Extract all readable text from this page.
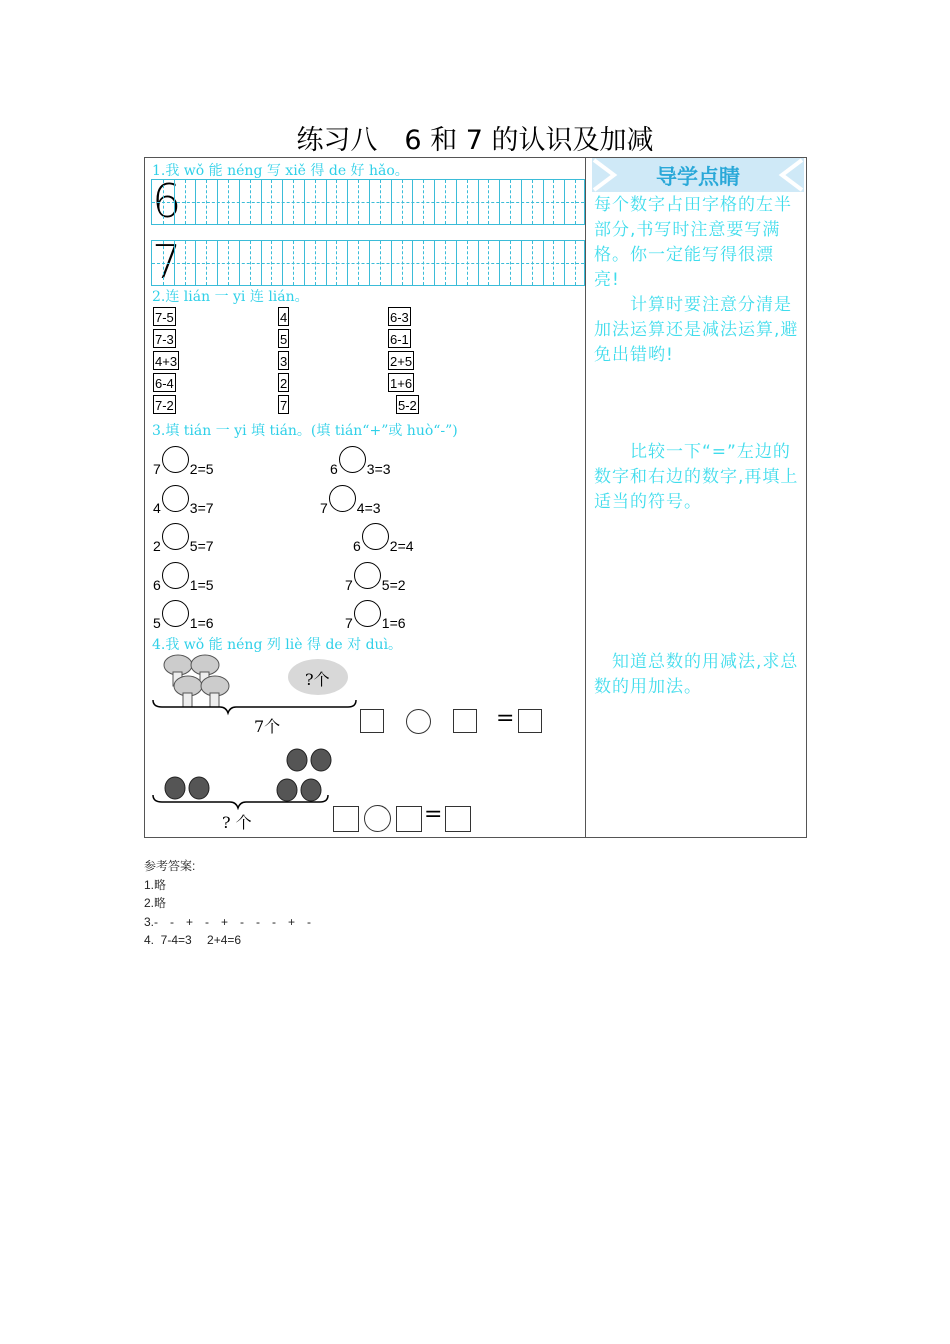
练习八　6 和 7 的认识及加减
1.我 wǒ 能 néng 写 xiě 得 de 好 hǎo。
6
7
2.连 lián 一 yi 连 lián。
7-5
7-3
4+3
6-4
7-2
4
5
3
2
7
6-3
6-1
2+5
1+6
5-2
3.填 tián 一 yi 填 tián。(填 tián“+”或 huò“-”)
7 2=5
4 3=7
2 5=7
6 1=5
5 1=6
6 3=3
7 4=3
6 2=4
7 5=2
7 1=6
4.我 wǒ 能 néng 列 liè 得 de 对 duì。
?个
7个	=
? 个	=
导学点睛
每个数字占田字格的左半部分,书写时注意要写满格。你一定能写得很漂亮!
　　计算时要注意分清是加法运算还是减法运算,避免出错哟!
　　比较一下“=”左边的数字和右边的数字,再填上适当的符号。
　知道总数的用减法,求总数的用加法。
参考答案:
1.略
2.略
3.-　-　+　-　+　-　-　-　+　-
4.  7-4=3　 2+4=6
